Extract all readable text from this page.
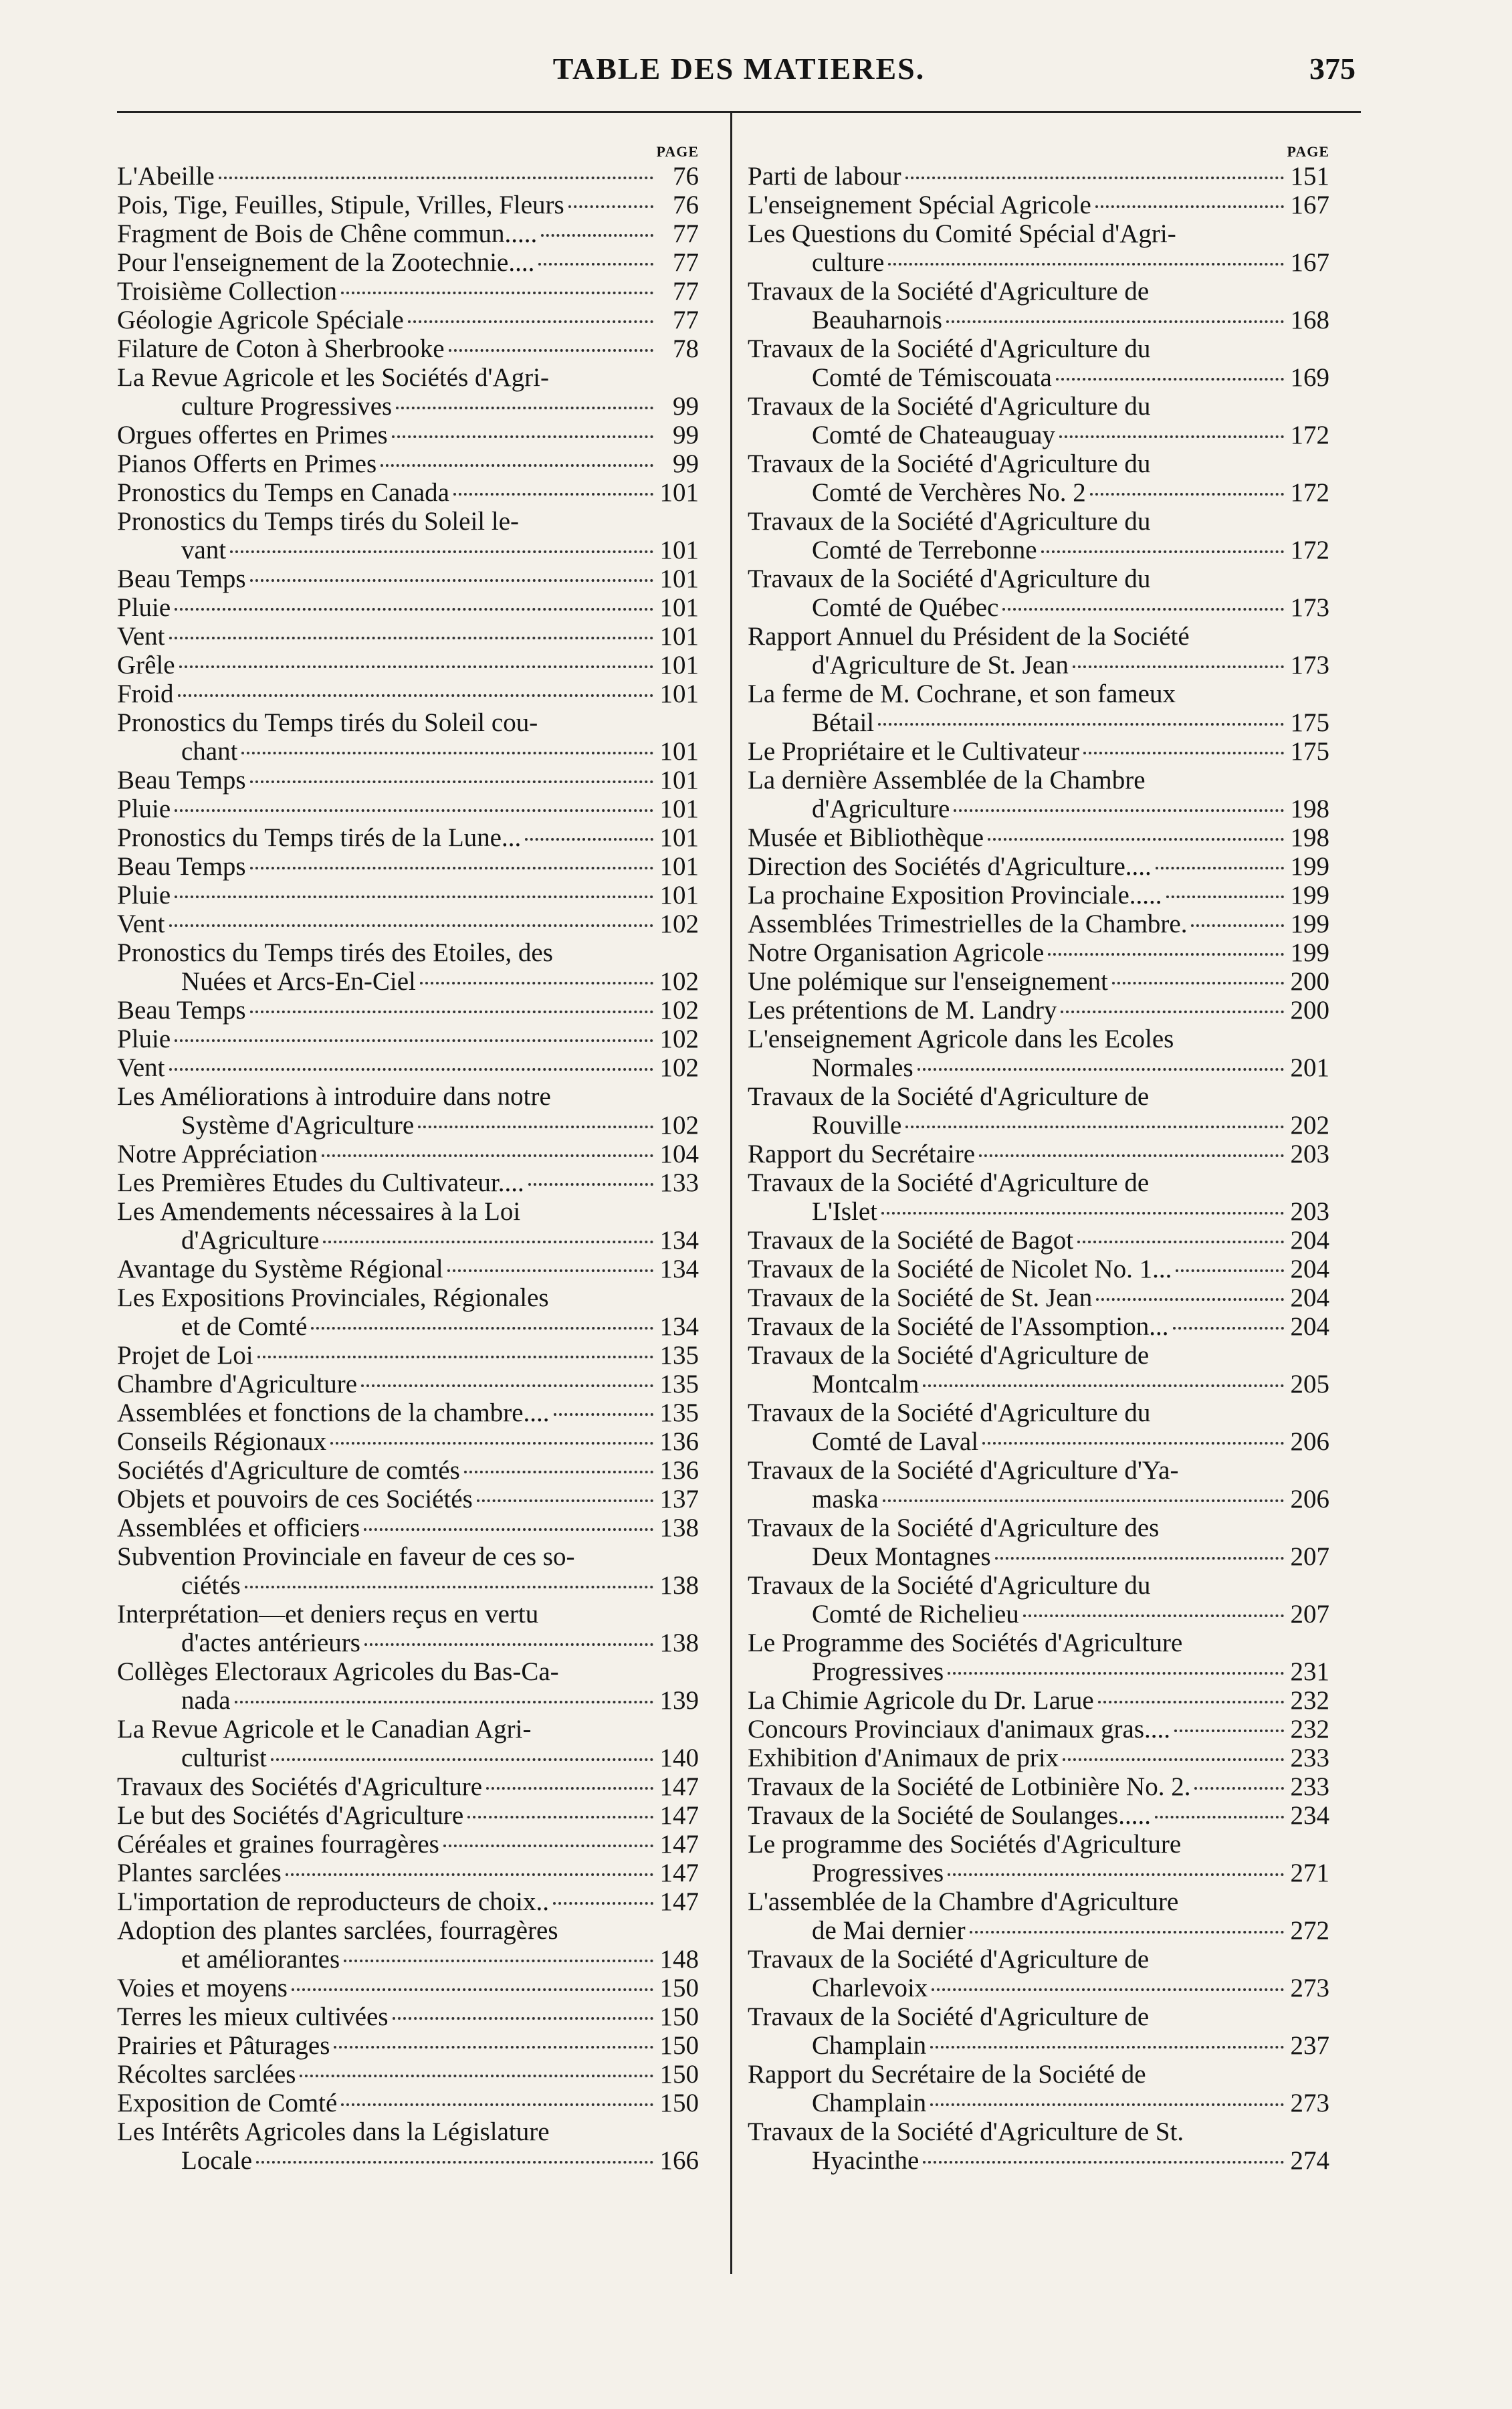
TABLE DES MATIERES.	375
PAGE
L'Abeille	76
Pois, Tige, Feuilles, Stipule, Vrilles, Fleurs	76
Fragment de Bois de Chêne commun.....	77
Pour l'enseignement de la Zootechnie....	77
Troisième Collection	77
Géologie Agricole Spéciale	77
Filature de Coton à Sherbrooke	78
La Revue Agricole et les Sociétés d'Agri-
culture Progressives	99
Orgues offertes en Primes	99
Pianos Offerts en Primes	99
Pronostics du Temps en Canada	101
Pronostics du Temps tirés du Soleil le-
vant	101
Beau Temps	101
Pluie	101
Vent	101
Grêle	101
Froid	101
Pronostics du Temps tirés du Soleil cou-
chant	101
Beau Temps	101
Pluie	101
Pronostics du Temps tirés de la Lune...	101
Beau Temps	101
Pluie	101
Vent	102
Pronostics du Temps tirés des Etoiles, des
Nuées et Arcs-En-Ciel	102
Beau Temps	102
Pluie	102
Vent	102
Les Améliorations à introduire dans notre
Système d'Agriculture	102
Notre Appréciation	104
Les Premières Etudes du Cultivateur....	133
Les Amendements nécessaires à la Loi
d'Agriculture	134
Avantage du Système Régional	134
Les Expositions Provinciales, Régionales
et de Comté	134
Projet de Loi	135
Chambre d'Agriculture	135
Assemblées et fonctions de la chambre....	135
Conseils Régionaux	136
Sociétés d'Agriculture de comtés	136
Objets et pouvoirs de ces Sociétés	137
Assemblées et officiers	138
Subvention Provinciale en faveur de ces so-
ciétés	138
Interprétation—et deniers reçus en vertu
d'actes antérieurs	138
Collèges Electoraux Agricoles du Bas-Ca-
nada	139
La Revue Agricole et le Canadian Agri-
culturist	140
Travaux des Sociétés d'Agriculture	147
Le but des Sociétés d'Agriculture	147
Céréales et graines fourragères	147
Plantes sarclées	147
L'importation de reproducteurs de choix..	147
Adoption des plantes sarclées, fourragères
et améliorantes	148
Voies et moyens	150
Terres les mieux cultivées	150
Prairies et Pâturages	150
Récoltes sarclées	150
Exposition de Comté	150
Les Intérêts Agricoles dans la Législature
Locale	166
PAGE
Parti de labour	151
L'enseignement Spécial Agricole	167
Les Questions du Comité Spécial d'Agri-
culture	167
Travaux de la Société d'Agriculture de
Beauharnois	168
Travaux de la Société d'Agriculture du
Comté de Témiscouata	169
Travaux de la Société d'Agriculture du
Comté de Chateauguay	172
Travaux de la Société d'Agriculture du
Comté de Verchères No. 2	172
Travaux de la Société d'Agriculture du
Comté de Terrebonne	172
Travaux de la Société d'Agriculture du
Comté de Québec	173
Rapport Annuel du Président de la Société
d'Agriculture de St. Jean	173
La ferme de M. Cochrane, et son fameux
Bétail	175
Le Propriétaire et le Cultivateur	175
La dernière Assemblée de la Chambre
d'Agriculture	198
Musée et Bibliothèque	198
Direction des Sociétés d'Agriculture....	199
La prochaine Exposition Provinciale.....	199
Assemblées Trimestrielles de la Chambre.	199
Notre Organisation Agricole	199
Une polémique sur l'enseignement	200
Les prétentions de M. Landry	200
L'enseignement Agricole dans les Ecoles
Normales	201
Travaux de la Société d'Agriculture de
Rouville	202
Rapport du Secrétaire	203
Travaux de la Société d'Agriculture de
L'Islet	203
Travaux de la Société de Bagot	204
Travaux de la Société de Nicolet No. 1...	204
Travaux de la Société de St. Jean	204
Travaux de la Société de l'Assomption...	204
Travaux de la Société d'Agriculture de
Montcalm	205
Travaux de la Société d'Agriculture du
Comté de Laval	206
Travaux de la Société d'Agriculture d'Ya-
maska	206
Travaux de la Société d'Agriculture des
Deux Montagnes	207
Travaux de la Société d'Agriculture du
Comté de Richelieu	207
Le Programme des Sociétés d'Agriculture
Progressives	231
La Chimie Agricole du Dr. Larue	232
Concours Provinciaux d'animaux gras....	232
Exhibition d'Animaux de prix	233
Travaux de la Société de Lotbinière No. 2.	233
Travaux de la Société de Soulanges.....	234
Le programme des Sociétés d'Agriculture
Progressives	271
L'assemblée de la Chambre d'Agriculture
de Mai dernier	272
Travaux de la Société d'Agriculture de
Charlevoix	273
Travaux de la Société d'Agriculture de
Champlain	237
Rapport du Secrétaire de la Société de
Champlain	273
Travaux de la Société d'Agriculture de St.
Hyacinthe	274
